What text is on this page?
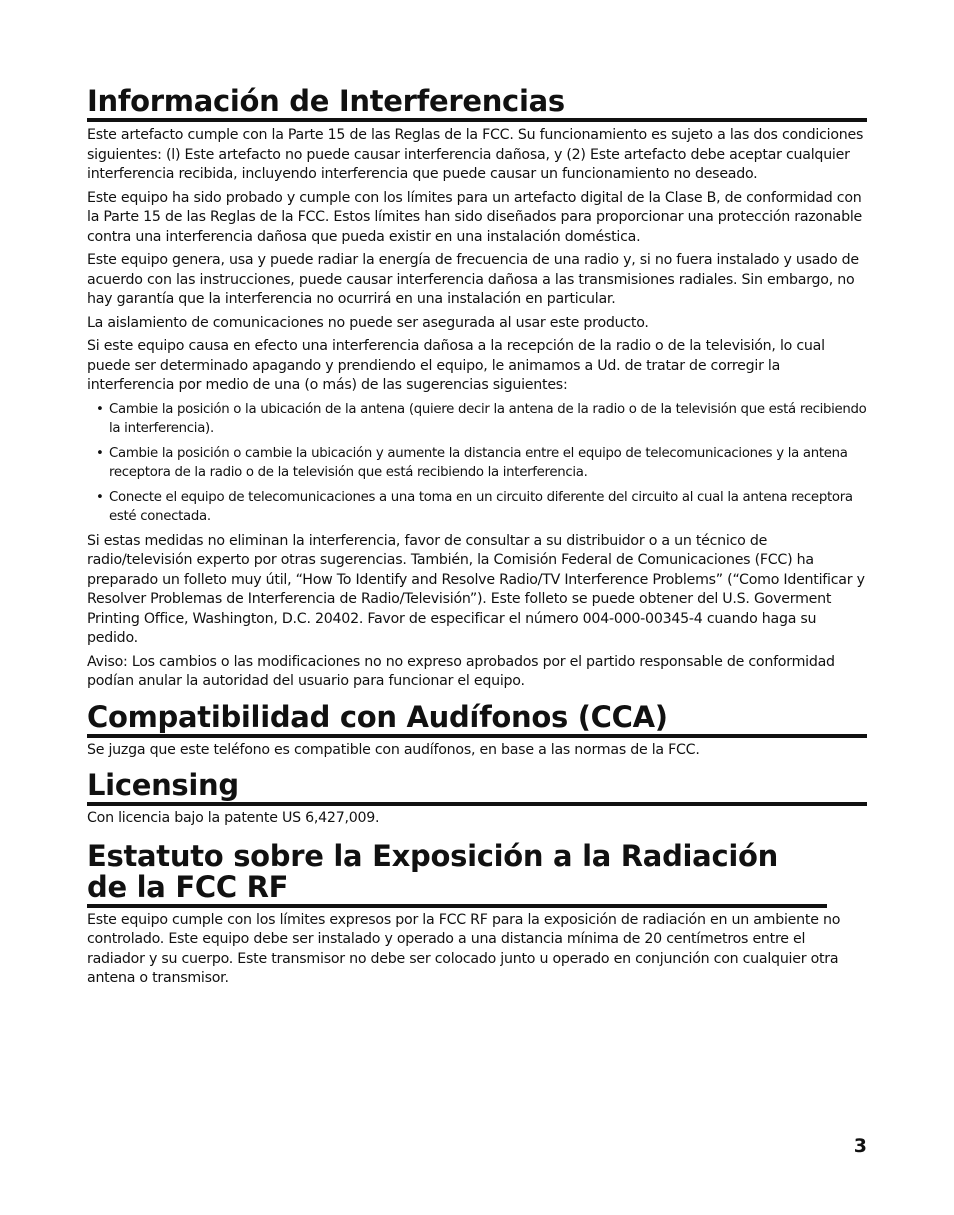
Información de Interferencias

Este artefacto cumple con la Parte 15 de las Reglas de la FCC. Su funcionamiento es sujeto a las dos condiciones siguientes: (l) Este artefacto no puede causar interferencia dañosa, y (2) Este artefacto debe aceptar cualquier interferencia recibida, incluyendo interferencia que puede causar un funcionamiento no deseado.

Este equipo ha sido probado y cumple con los límites para un artefacto digital de la Clase B, de conformidad con la Parte 15 de las Reglas de la FCC. Estos límites han sido diseñados para proporcionar una protección razonable contra una interferencia dañosa que pueda existir en una instalación doméstica.

Este equipo genera, usa y puede radiar la energía de frecuencia de una radio y, si no fuera instalado y usado de acuerdo con las instrucciones, puede causar interferencia dañosa a las transmisiones radiales. Sin embargo, no hay garantía que la interferencia no ocurrirá en una instalación en particular.

La aislamiento de comunicaciones no puede ser asegurada al usar este producto.

Si este equipo causa en efecto una interferencia dañosa a la recepción de la radio o de la televisión, lo cual puede ser determinado apagando y prendiendo el equipo, le animamos a Ud. de tratar de corregir la interferencia por medio de una (o más) de las sugerencias siguientes:

• Cambie la posición o la ubicación de la antena (quiere decir la antena de la radio o de la televisión que está recibiendo la interferencia).
• Cambie la posición o cambie la ubicación y aumente la distancia entre el equipo de telecomunicaciones y la antena receptora de la radio o de la televisión que está recibiendo la interferencia.
• Conecte el equipo de telecomunicaciones a una toma en un circuito diferente del circuito al cual la antena receptora esté conectada.

Si estas medidas no eliminan la interferencia, favor de consultar a su distribuidor o a un técnico de radio/televisión experto por otras sugerencias. También, la Comisión Federal de Comunicaciones (FCC) ha preparado un folleto muy útil, “How To Identify and Resolve Radio/TV Interference Problems” (“Como Identificar y Resolver Problemas de Interferencia de Radio/Televisión”). Este folleto se puede obtener del U.S. Goverment Printing Office, Washington, D.C. 20402. Favor de especificar el número 004-000-00345-4 cuando haga su pedido.

Aviso: Los cambios o las modificaciones no no expreso aprobados por el partido responsable de conformidad podían anular la autoridad del usuario para funcionar el equipo.

Compatibilidad con Audífonos (CCA)

Se juzga que este teléfono es compatible con audífonos, en base a las normas de la FCC.

Licensing

Con licencia bajo la patente US 6,427,009.

Estatuto sobre la Exposición a la Radiación de la FCC RF

Este equipo cumple con los límites expresos por la FCC RF para la exposición de radiación en un ambiente no controlado. Este equipo debe ser instalado y operado a una distancia mínima de 20 centímetros entre el radiador y su cuerpo. Este transmisor no debe ser colocado junto u operado en conjunción con cualquier otra antena o transmisor.

3
